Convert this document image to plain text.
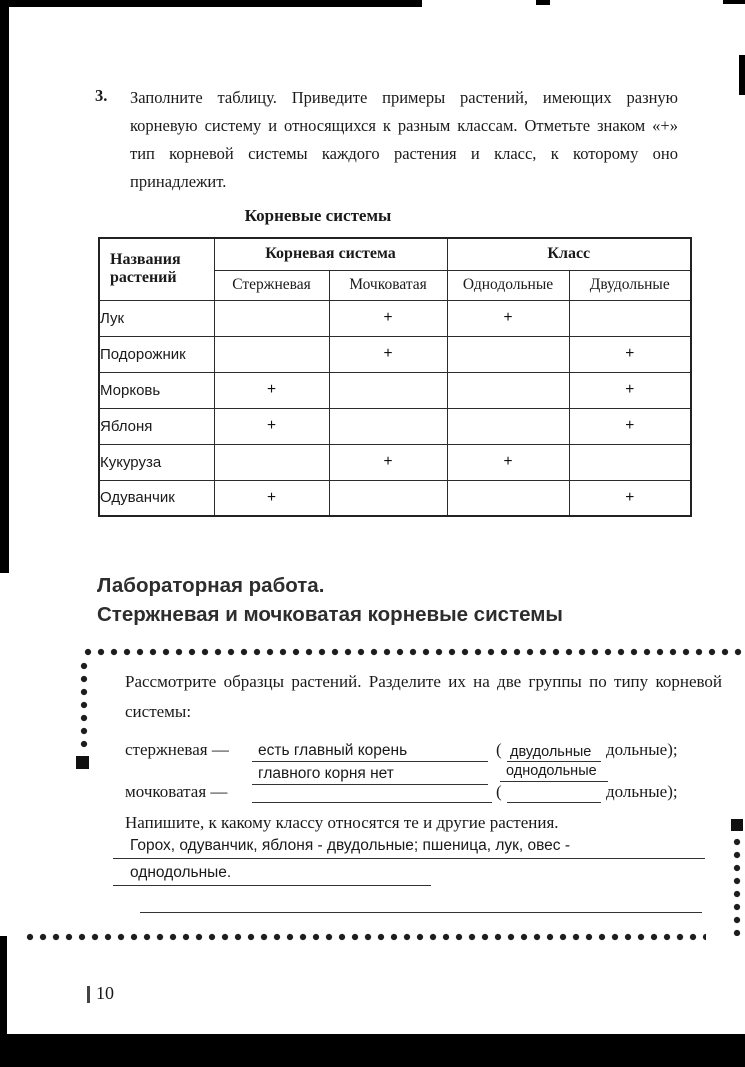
3. Заполните таблицу. Приведите примеры растений, имеющих разную корневую систему и относящихся к разным классам. Отметьте знаком «+» тип корневой системы каждого растения и класс, к которому оно принадлежит.
Корневые системы
Названия растений	Корневая система		Класс	
	Стержневая	Мочковатая	Однодольные	Двудольные
Лук		+	+	
Подорожник		+		+
Морковь	+			+
Яблоня	+			+
Кукуруза		+	+	
Одуванчик	+			+
Лабораторная работа.
Стержневая и мочковатая корневые системы
Рассмотрите образцы растений. Разделите их на две группы по типу корневой системы:
стержневая — есть главный корень	( двудольные дольные);
главного корня нет	однодольные
мочковатая —	(	дольные);
Напишите, к какому классу относятся те и другие растения.
Горох, одуванчик, яблоня - двудольные; пшеница, лук, овес -
однодольные.
10
